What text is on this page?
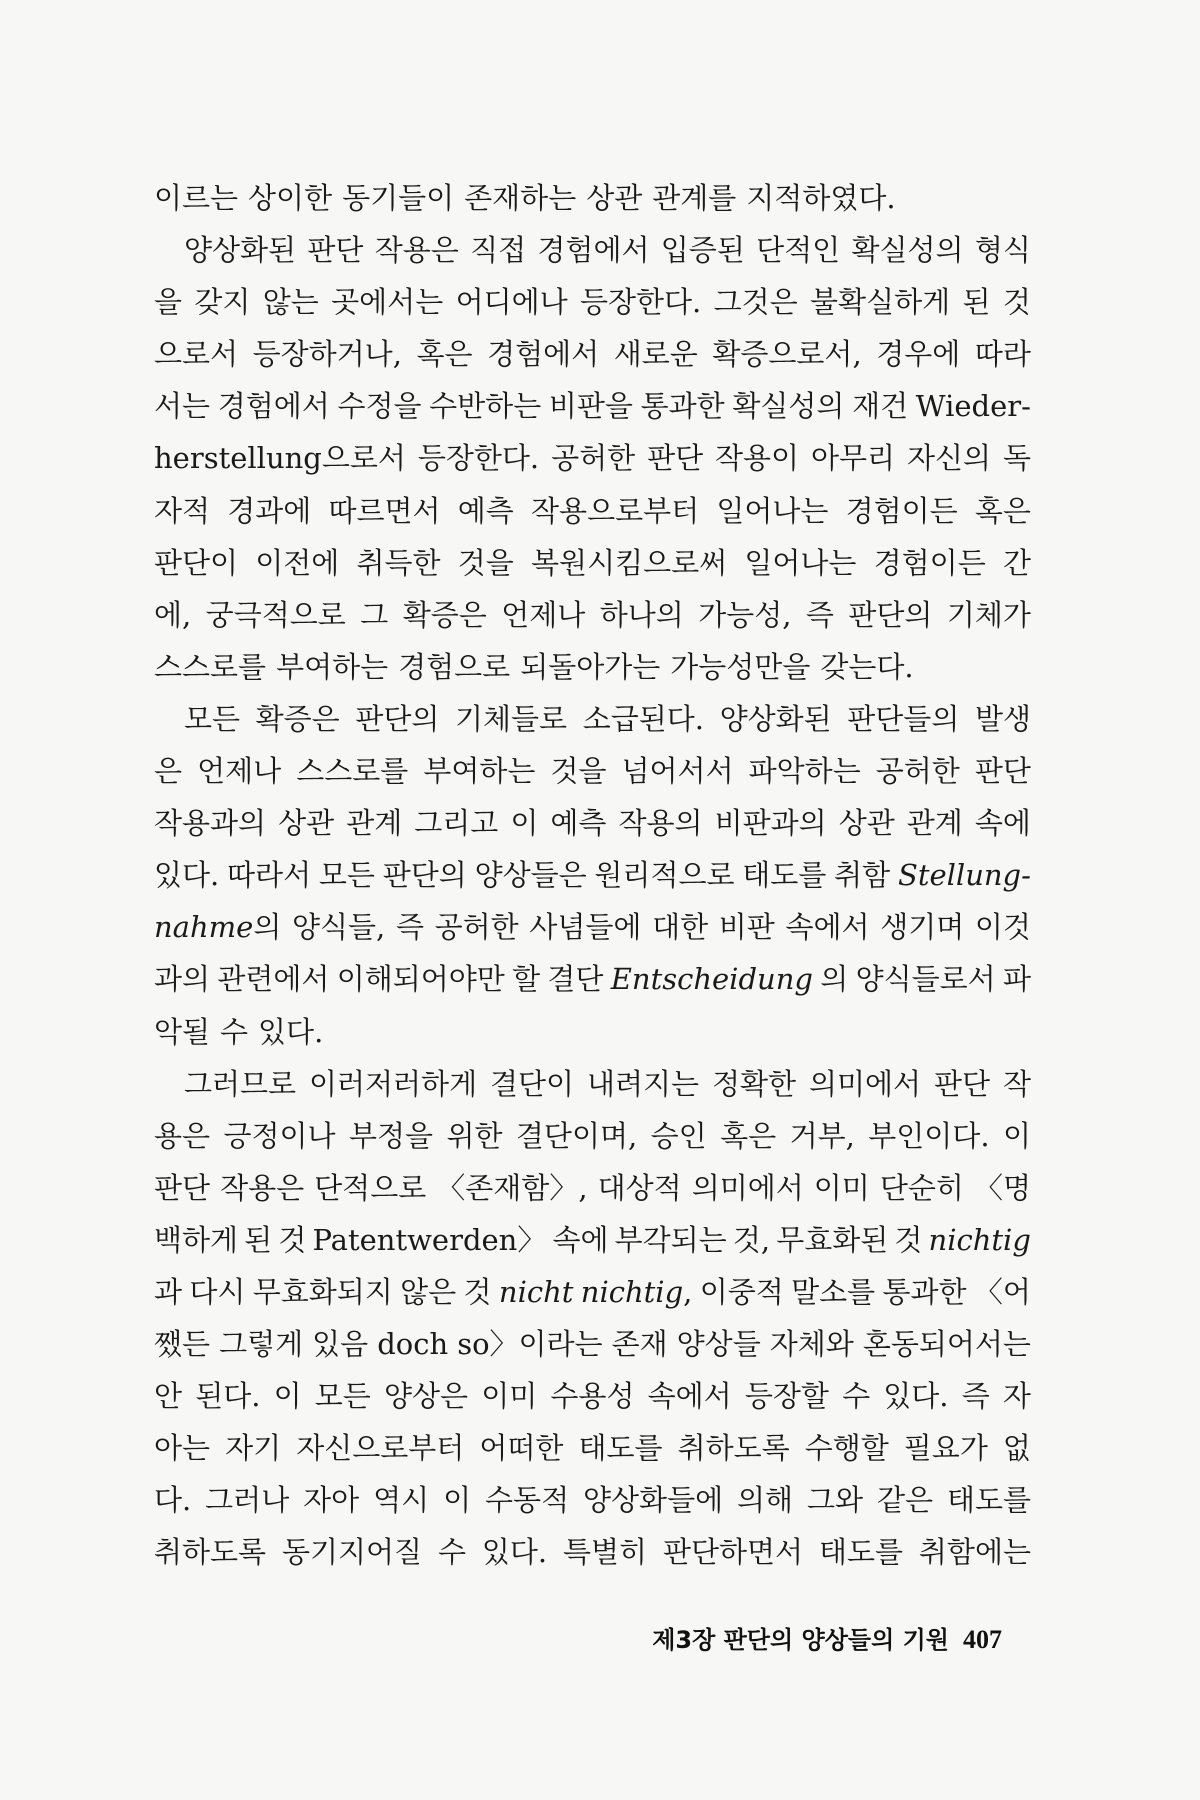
이르는 상이한 동기들이 존재하는 상관 관계를 지적하였다.
양상화된 판단 작용은 직접 경험에서 입증된 단적인 확실성의 형식
을 갖지 않는 곳에서는 어디에나 등장한다. 그것은 불확실하게 된 것
으로서 등장하거나, 혹은 경험에서 새로운 확증으로서, 경우에 따라
서는 경험에서 수정을 수반하는 비판을 통과한 확실성의 재건 Wieder-
herstellung으로서 등장한다. 공허한 판단 작용이 아무리 자신의 독
자적 경과에 따르면서 예측 작용으로부터 일어나는 경험이든 혹은
판단이 이전에 취득한 것을 복원시킴으로써 일어나는 경험이든 간
에, 궁극적으로 그 확증은 언제나 하나의 가능성, 즉 판단의 기체가
스스로를 부여하는 경험으로 되돌아가는 가능성만을 갖는다.
모든 확증은 판단의 기체들로 소급된다. 양상화된 판단들의 발생
은 언제나 스스로를 부여하는 것을 넘어서서 파악하는 공허한 판단
작용과의 상관 관계 그리고 이 예측 작용의 비판과의 상관 관계 속에
있다. 따라서 모든 판단의 양상들은 원리적으로 태도를 취함 Stellung-
nahme의 양식들, 즉 공허한 사념들에 대한 비판 속에서 생기며 이것
과의 관련에서 이해되어야만 할 결단 Entscheidung 의 양식들로서 파
악될 수 있다.
그러므로 이러저러하게 결단이 내려지는 정확한 의미에서 판단 작
용은 긍정이나 부정을 위한 결단이며, 승인 혹은 거부, 부인이다. 이
판단 작용은 단적으로 〈존재함〉, 대상적 의미에서 이미 단순히 〈명
백하게 된 것 Patentwerden〉 속에 부각되는 것, 무효화된 것 nichtig
과 다시 무효화되지 않은 것 nicht nichtig, 이중적 말소를 통과한 〈어
쨌든 그렇게 있음 doch so〉이라는 존재 양상들 자체와 혼동되어서는
안 된다. 이 모든 양상은 이미 수용성 속에서 등장할 수 있다. 즉 자
아는 자기 자신으로부터 어떠한 태도를 취하도록 수행할 필요가 없
다. 그러나 자아 역시 이 수동적 양상화들에 의해 그와 같은 태도를
취하도록 동기지어질 수 있다. 특별히 판단하면서 태도를 취함에는
제3장 판단의 양상들의 기원 407
